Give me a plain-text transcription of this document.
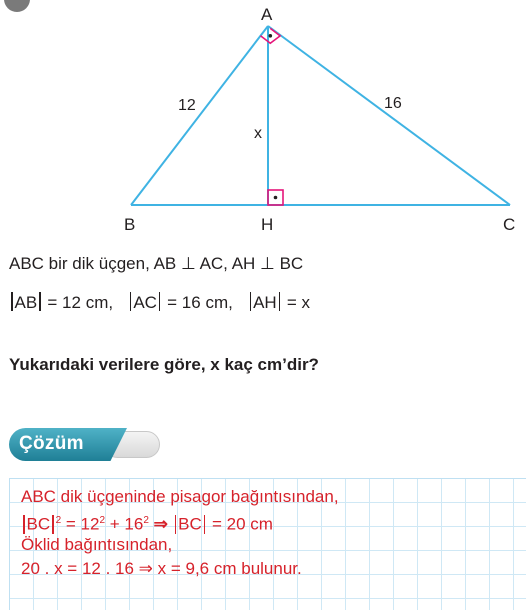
A
B	H	C
12	16
x
ABC bir dik üçgen, AB ⊥ AC, AH ⊥ BC
AB = 12 cm, AC = 16 cm, AH = x
Yukarıdaki verilere göre, x kaç cm’dir?
Çözüm
ABC dik üçgeninde pisagor bağıntısından,
BC $^2 = 12^2 + 16^2$ ⇒ BC = 20 cm
Öklid bağıntısından,
20 . x = 12 . 16 ⇒ x = 9,6 cm bulunur.
